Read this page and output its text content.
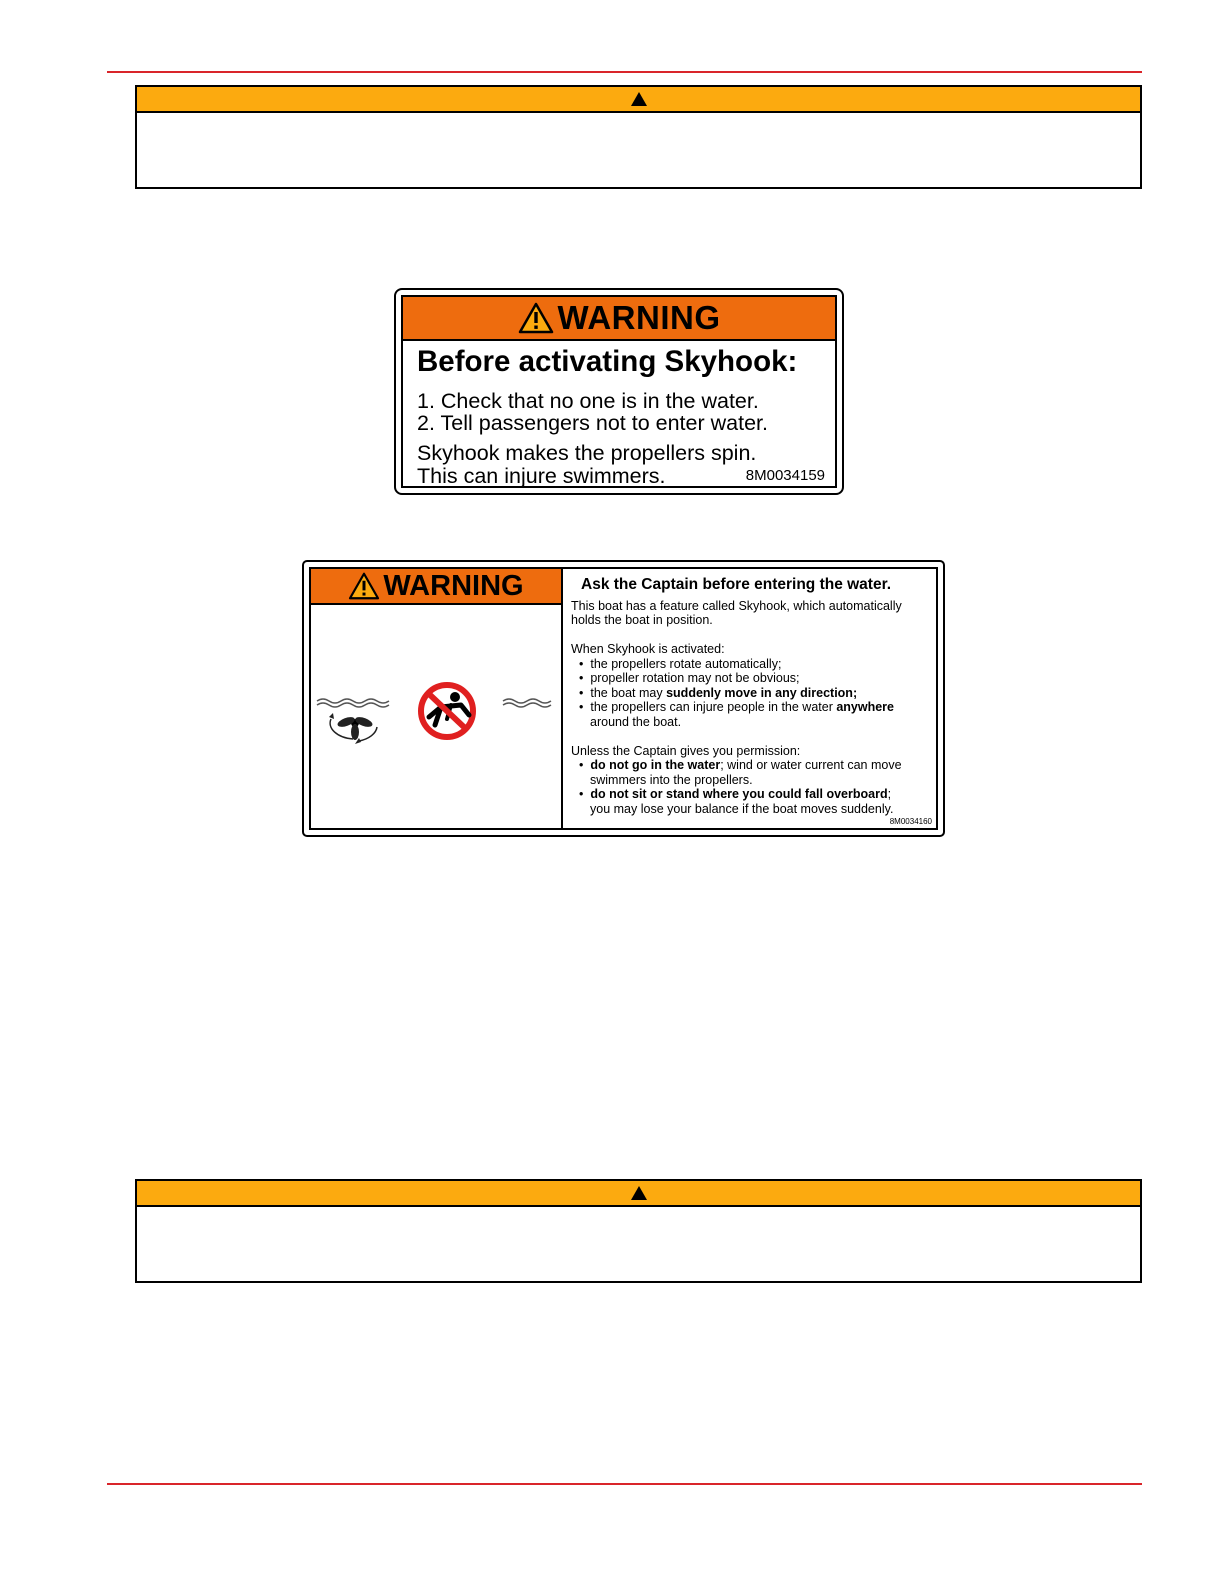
WARNING
Before activating Skyhook:
1. Check that no one is in the water.
2. Tell passengers not to enter water.
Skyhook makes the propellers spin.
This can injure swimmers.	8M0034159
WARNING	Ask the Captain before entering the water.
This boat has a feature called Skyhook, which automatically
holds the boat in position.
When Skyhook is activated:
• the propellers rotate automatically;
• propeller rotation may not be obvious;
• the boat may suddenly move in any direction;
• the propellers can injure people in the water anywhere
around the boat.
Unless the Captain gives you permission:
• do not go in the water; wind or water current can move
swimmers into the propellers.
• do not sit or stand where you could fall overboard;
you may lose your balance if the boat moves suddenly.
8M0034160
